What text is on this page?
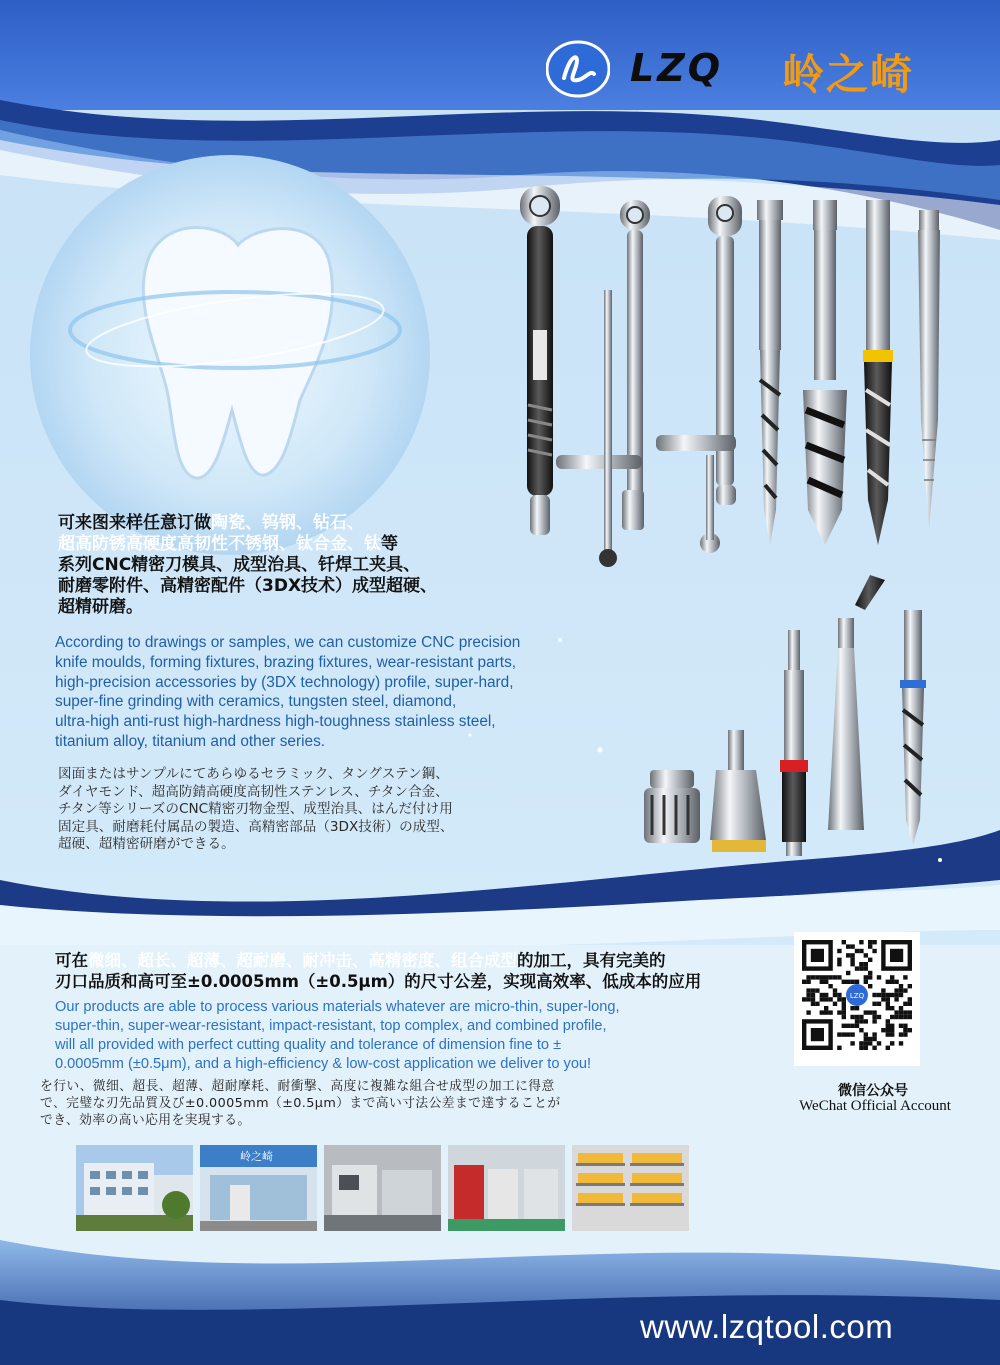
LZQ 岭之崎
可来图来样任意订做陶瓷、钨钢、钻石、
超高防锈高硬度高韧性不锈钢、钛合金、钛等
系列CNC精密刀模具、成型治具、钎焊工夹具、
耐磨零附件、高精密配件（3DX技术）成型超硬、
超精研磨。
According to drawings or samples, we can customize CNC precision
knife moulds, forming fixtures, brazing fixtures, wear-resistant parts,
high-precision accessories by (3DX technology) profile, super-hard,
super-fine grinding with ceramics, tungsten steel, diamond,
ultra-high anti-rust high-hardness high-toughness stainless steel,
titanium alloy, titanium and other series.
図面またはサンプルにてあらゆるセラミック、タングステン鋼、
ダイヤモンド、超高防錆高硬度高韧性ステンレス、チタン合金、
チタン等シリーズのCNC精密刃物金型、成型治具、はんだ付け用
固定具、耐磨耗付属品の製造、高精密部品（3DX技術）の成型、
超硬、超精密研磨ができる。
可在微细、超长、超薄、超耐磨、耐冲击、高精密度、组合成型的加工，具有完美的
刃口品质和高可至±0.0005mm（±0.5μm）的尺寸公差，实现高效率、低成本的应用
Our products are able to process various materials whatever are micro-thin, super-long,
super-thin, super-wear-resistant, impact-resistant, top complex, and combined profile,
will all provided with perfect cutting quality and tolerance of dimension fine to ±
0.0005mm (±0.5μm), and a high-efficiency & low-cost application we deliver to you!
を行い、微细、超長、超薄、超耐摩耗、耐衝撃、高度に複雑な組合せ成型の加工に得意
で、完璧な刃先品質及び±0.0005mm（±0.5μm）まで高い寸法公差まで達することが
でき、効率の高い応用を実現する。
LZQ
微信公众号
WeChat Official Account
岭之崎
www.lzqtool.com
